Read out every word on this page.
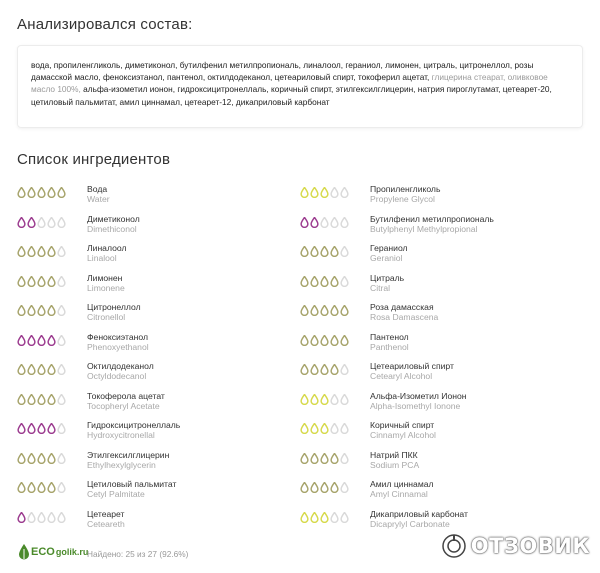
Анализировался состав:
вода, пропиленгликоль, диметиконол, бутилфенил метилпропиональ, линалоол, гераниол, лимонен, цитраль, цитронеллол, розы дамасской масло, феноксиэтанол, пантенол, октилдодеканол, цетеариловый спирт, токоферил ацетат, глицерина стеарат, оливковое масло 100%, альфа-изометил ионон, гидроксицитронеллаль, коричный спирт, этилгексилглицерин, натрия пироглутамат, цетеарет-20, цетиловый пальмитат, амил циннамал, цетеарет-12, дикаприловый карбонат
Список ингредиентов
Вода
Water
Пропиленгликоль
Propylene Glycol
Диметиконол
Dimethiconol
Бутилфенил метилпропиональ
Butylphenyl Methylpropional
Линалоол
Linalool
Гераниол
Geraniol
Лимонен
Limonene
Цитраль
Citral
Цитронеллол
Citronellol
Роза дамасская
Rosa Damascena
Феноксиэтанол
Phenoxyethanol
Пантенол
Panthenol
Октилдодеканол
Octyldodecanol
Цетеариловый спирт
Cetearyl Alcohol
Токоферола ацетат
Tocopheryl Acetate
Альфа-Изометил Ионон
Alpha-Isomethyl Ionone
Гидроксицитронеллаль
Hydroxycitronellal
Коричный спирт
Cinnamyl Alcohol
Этилгексилглицерин
Ethylhexylglycerin
Натрий ПКК
Sodium PCA
Цетиловый пальмитат
Cetyl Palmitate
Амил циннамал
Amyl Cinnamal
Цетеарет
Ceteareth
Дикаприловый карбонат
Dicaprylyl Carbonate
ECO golik.ru
Найдено: 25 из 27 (92.6%)	ОТЗОВИК
